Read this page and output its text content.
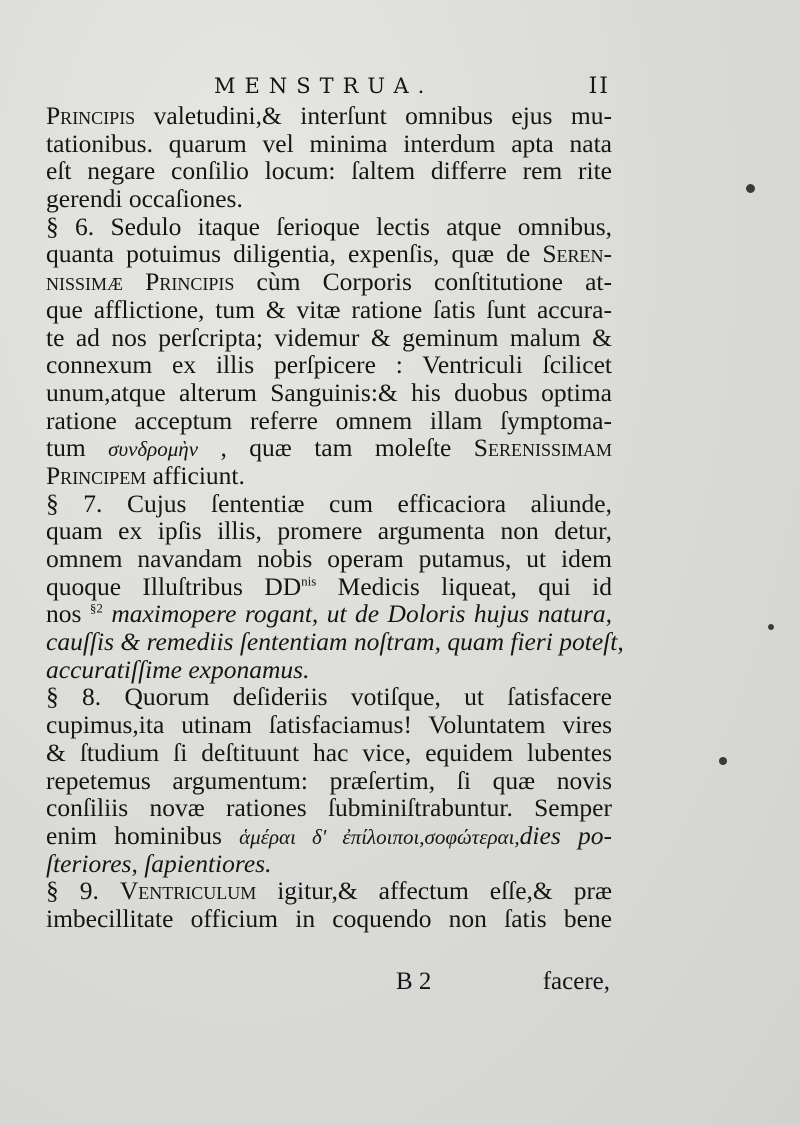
MENSTRUA.	II
Principis valetudini,& interſunt omnibus ejus mu-
tationibus. quarum vel minima interdum apta nata
eſt negare conſilio locum: ſaltem differre rem rite
gerendi occaſiones.
§ 6. Sedulo itaque ſerioque lectis atque omnibus,
quanta potuimus diligentia, expenſis, quæ de Seren-
nissimæ Principis cùm Corporis conſtitutione at-
que afflictione, tum & vitæ ratione ſatis ſunt accura-
te ad nos perſcripta; videmur & geminum malum &
connexum ex illis perſpicere : Ventriculi ſcilicet
unum,atque alterum Sanguinis:& his duobus optima
ratione acceptum referre omnem illam ſymptoma-
tum συνδρομὴν , quæ tam moleſte Serenissimam
Principem afficiunt.
§ 7. Cujus ſententiæ cum efficaciora aliunde,
quam ex ipſis illis, promere argumenta non detur,
omnem navandam nobis operam putamus, ut idem
quoque Illuſtribus $DD^{nis}$ Medicis liqueat, qui id
nos $^{\S 2}$ maximopere rogant, ut de Doloris hujus natura,
cauſſis & remediis ſententiam noſtram, quam fieri poteſt,
accuratiſſime exponamus.
§ 8. Quorum deſideriis votiſque, ut ſatisfacere
cupimus,ita utinam ſatisfaciamus! Voluntatem vires
& ſtudium ſi deſtituunt hac vice, equidem lubentes
repetemus argumentum: præſertim, ſi quæ novis
conſiliis novæ rationes ſubminiſtrabuntur. Semper
enim hominibus ἁμέραι δ' ἐπίλοιποι,σοφώτεραι,dies po-
ſteriores, ſapientiores.
§ 9. Ventriculum igitur,& affectum eſſe,& præ
imbecillitate officium in coquendo non ſatis bene
B 2	facere,
